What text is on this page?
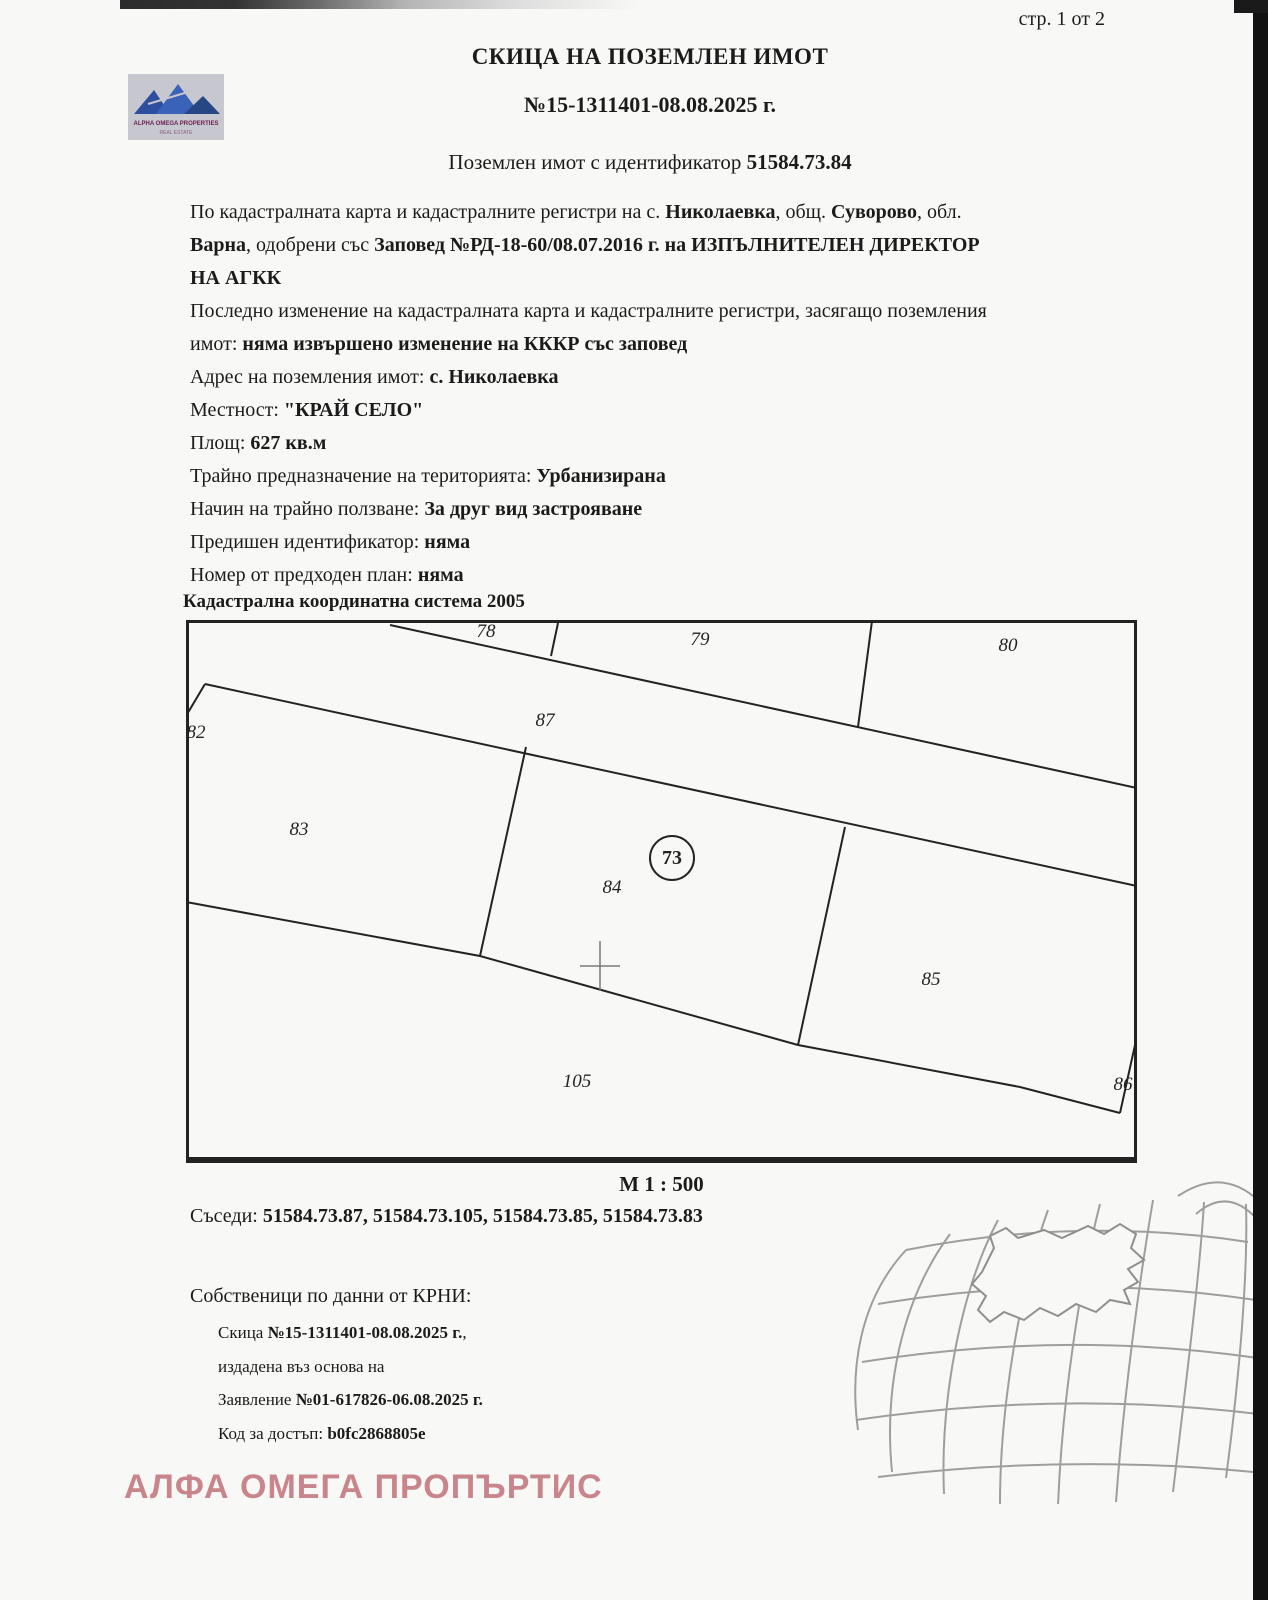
ALPHA OMEGA PROPERTIES
REAL ESTATE
стр. 1 от 2
СКИЦА НА ПОЗЕМЛЕН ИМОТ
№15-1311401-08.08.2025 г.
Поземлен имот с идентификатор 51584.73.84
По кадастралната карта и кадастралните регистри на с. Николаевка, общ. Суворово, обл.
Варна, одобрени със Заповед №РД-18-60/08.07.2016 г. на ИЗПЪЛНИТЕЛЕН ДИРЕКТОР
НА АГКК
Последно изменение на кадастралната карта и кадастралните регистри, засягащо поземления
имот: няма извършено изменение на КККР със заповед
Адрес на поземления имот: с. Николаевка
Местност: "КРАЙ СЕЛО"
Площ: 627 кв.м
Трайно предназначение на територията: Урбанизирана
Начин на трайно ползване: За друг вид застрояване
Предишен идентификатор: няма
Номер от предходен план: няма
Кадастрална координатна система 2005
78	79	80
87
82
83
84
73
85
86
105
М 1 : 500
Съседи: 51584.73.87, 51584.73.105, 51584.73.85, 51584.73.83
Собственици по данни от КРНИ:
Скица №15-1311401-08.08.2025 г.,
издадена въз основа на
Заявление №01-617826-06.08.2025 г.
Код за достъп: b0fc2868805e
АЛФА ОМЕГА ПРОПЪРТИС
